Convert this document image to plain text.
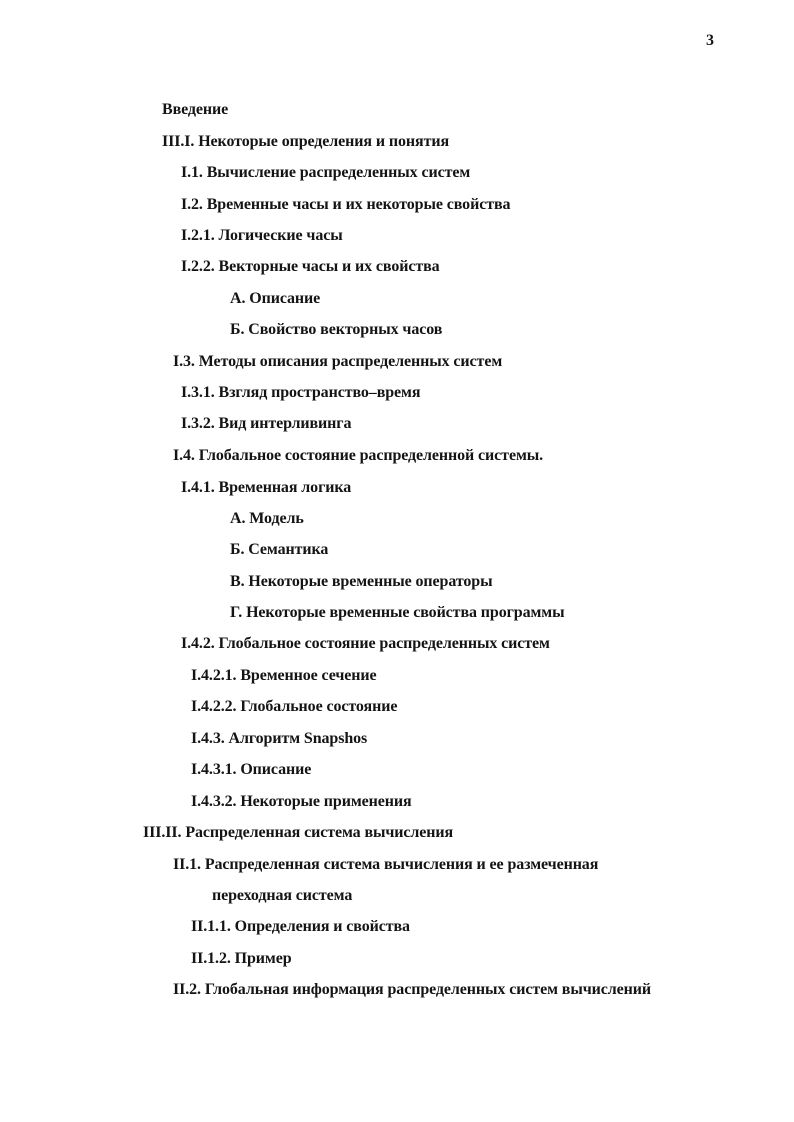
3
Введение
III.I. Некоторые определения и понятия
I.1. Вычисление распределенных систем
I.2. Временные часы и их некоторые свойства
I.2.1. Логические часы
I.2.2. Векторные часы и их свойства
А. Описание
Б. Свойство векторных часов
I.3. Методы описания распределенных систем
I.3.1. Взгляд пространство–время
I.3.2. Вид интерливинга
I.4. Глобальное состояние распределенной системы.
I.4.1. Временная логика
А. Модель
Б. Семантика
В. Некоторые временные операторы
Г. Некоторые временные свойства программы
I.4.2. Глобальное состояние распределенных систем
I.4.2.1. Временное сечение
I.4.2.2. Глобальное состояние
I.4.3. Алгоритм Snapshos
I.4.3.1. Описание
I.4.3.2. Некоторые применения
III.II. Распределенная система вычисления
II.1. Распределенная система вычисления и ее размеченная
переходная система
II.1.1. Определения и свойства
II.1.2. Пример
II.2. Глобальная информация распределенных систем вычислений
